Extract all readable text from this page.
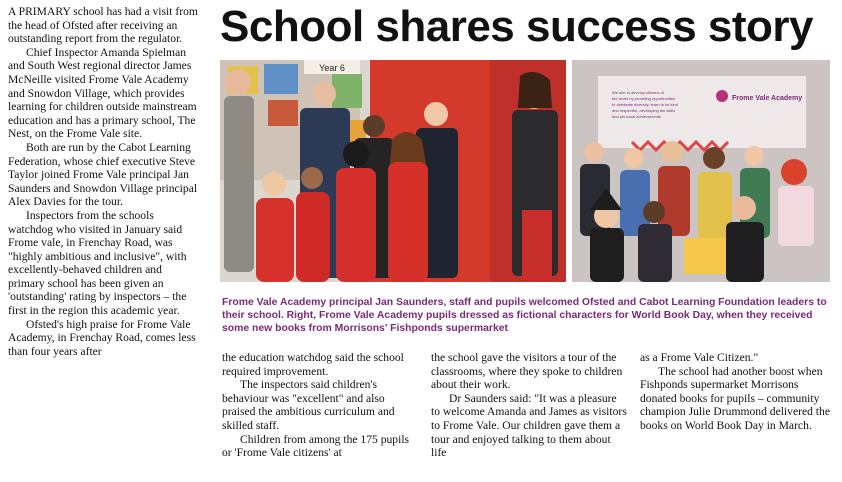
A PRIMARY school has had a visit from the head of Ofsted after receiving an outstanding report from the regulator.

Chief Inspector Amanda Spielman and South West regional director James McNeille visited Frome Vale Academy and Snowdon Village, which provides learning for children outside mainstream education and has a primary school, The Nest, on the Frome Vale site.

Both are run by the Cabot Learning Federation, whose chief executive Steve Taylor joined Frome Vale principal Jan Saunders and Snowdon Village principal Alex Davies for the tour.

Inspectors from the schools watchdog who visited in January said Frome vale, in Frenchay Road, was "highly ambitious and inclusive", with excellently-behaved children and primary school has been given an 'outstanding' rating by inspectors – the first in the region this academic year.

Ofsted's high praise for Frome Vale Academy, in Frenchay Road, comes less than four years after

School shares success story
Year 6
We aim to develop citizens of the world by providing opportunities to celebrate diversity, learn to be kind and respectful, developing the skills and personal achievements
Frome Vale Academy
Frome Vale Academy principal Jan Saunders, staff and pupils welcomed Ofsted and Cabot Learning Foundation leaders to their school. Right, Frome Vale Academy pupils dressed as fictional characters for World Book Day, when they received some new books from Morrisons' Fishponds supermarket

the education watchdog said the school required improvement.

The inspectors said children's behaviour was "excellent" and also praised the ambitious curriculum and skilled staff.

Children from among the 175 pupils or 'Frome Vale citizens' at

the school gave the visitors a tour of the classrooms, where they spoke to children about their work.

Dr Saunders said: "It was a pleasure to welcome Amanda and James as visitors to Frome Vale. Our children gave them a tour and enjoyed talking to them about life

as a Frome Vale Citizen."

The school had another boost when Fishponds supermarket Morrisons donated books for pupils – community champion Julie Drummond delivered the books on World Book Day in March.
